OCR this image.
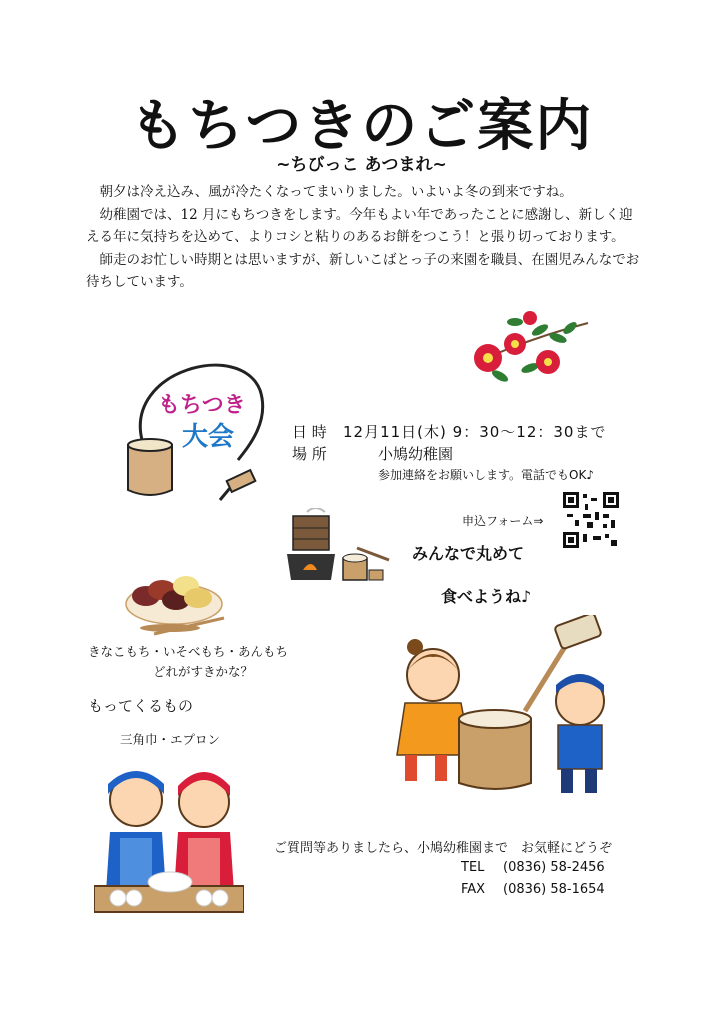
もちつきのご案内
~ちびっこ あつまれ~

朝夕は冷え込み、風が冷たくなってまいりました。いよいよ冬の到来ですね。

幼稚園では、12 月にもちつきをします。今年もよい年であったことに感謝し、新しく迎える年に気持ちを込めて、よりコシと粘りのあるお餅をつこう！と張り切っております。

師走のお忙しい時期とは思いますが、新しいこばとっ子の来園を職員、在園児みんなでお待ちしています。

もちつき
大会	日 時 12月11日(木) 9：30～12：30まで
場 所	小鳩幼稚園
参加連絡をお願いします。電話でもOK♪
申込フォーム⇒
みんなで丸めて
食べようね♪
きなこもち・いそべもち・あんもち
どれがすきかな？
もってくるもの
三角巾・エプロン
ご質問等ありましたら、小鳩幼稚園まで　お気軽にどうぞ
TEL (0836) 58-2456
FAX (0836) 58-1654
